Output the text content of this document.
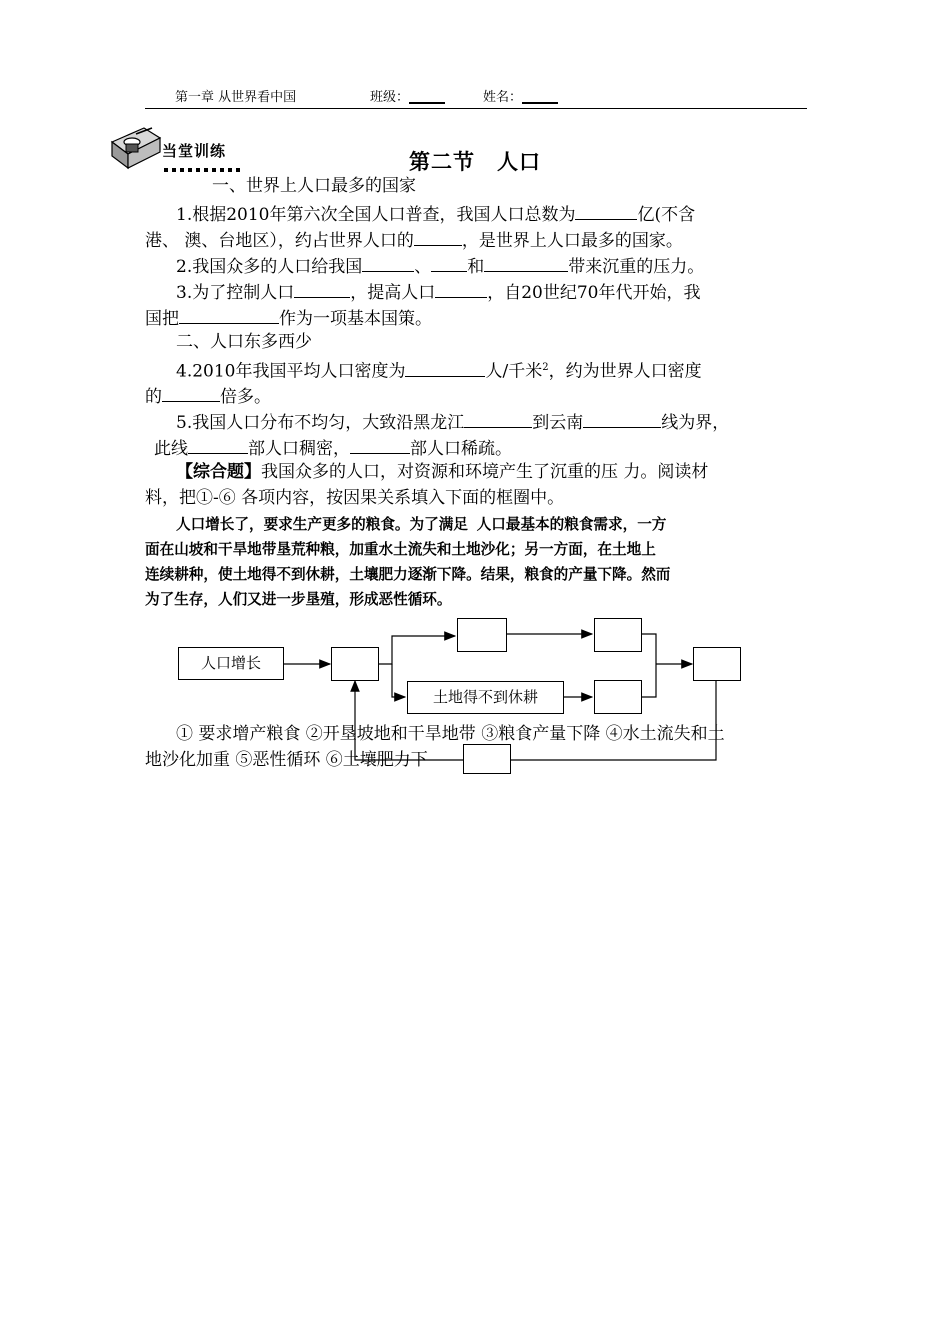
第一章 从世界看中国	班级：	姓名：
当堂训练	第二节　人口
一、世界上人口最多的国家
1.根据2010年第六次全国人口普查，我国人口总数为	亿(不含
港、 澳、台地区），约占世界人口的	，是世界上人口最多的国家。
2.我国众多的人口给我国	、 和	带来沉重的压力。
3.为了控制人口	，提高人口	，自20世纪70年代开始，我
国把	作为一项基本国策。
二、人口东多西少
4.2010年我国平均人口密度为	人/千米$^2$，约为世界人口密度
的	倍多。
5.我国人口分布不均匀，大致沿黑龙江	到云南	线为界，
此线	部人口稠密，	部人口稀疏。
【综合题】我国众多的人口，对资源和环境产生了沉重的压 力。阅读材
料，把①-⑥ 各项内容，按因果关系填入下面的框圈中。
人口增长了，要求生产更多的粮食。为了满足 人口最基本的粮食需求，一方
面在山坡和干旱地带垦荒种粮，加重水土流失和土地沙化；另一方面，在土地上
连续耕种，使土地得不到休耕，土壤肥力逐渐下降。结果，粮食的产量下降。然而
为了生存，人们又进一步垦殖，形成恶性循环。
人口增长
土地得不到休耕
① 要求增产粮食 ②开垦坡地和干旱地带 ③粮食产量下降 ④水土流失和土
地沙化加重 ⑤恶性循环 ⑥土壤肥力下
